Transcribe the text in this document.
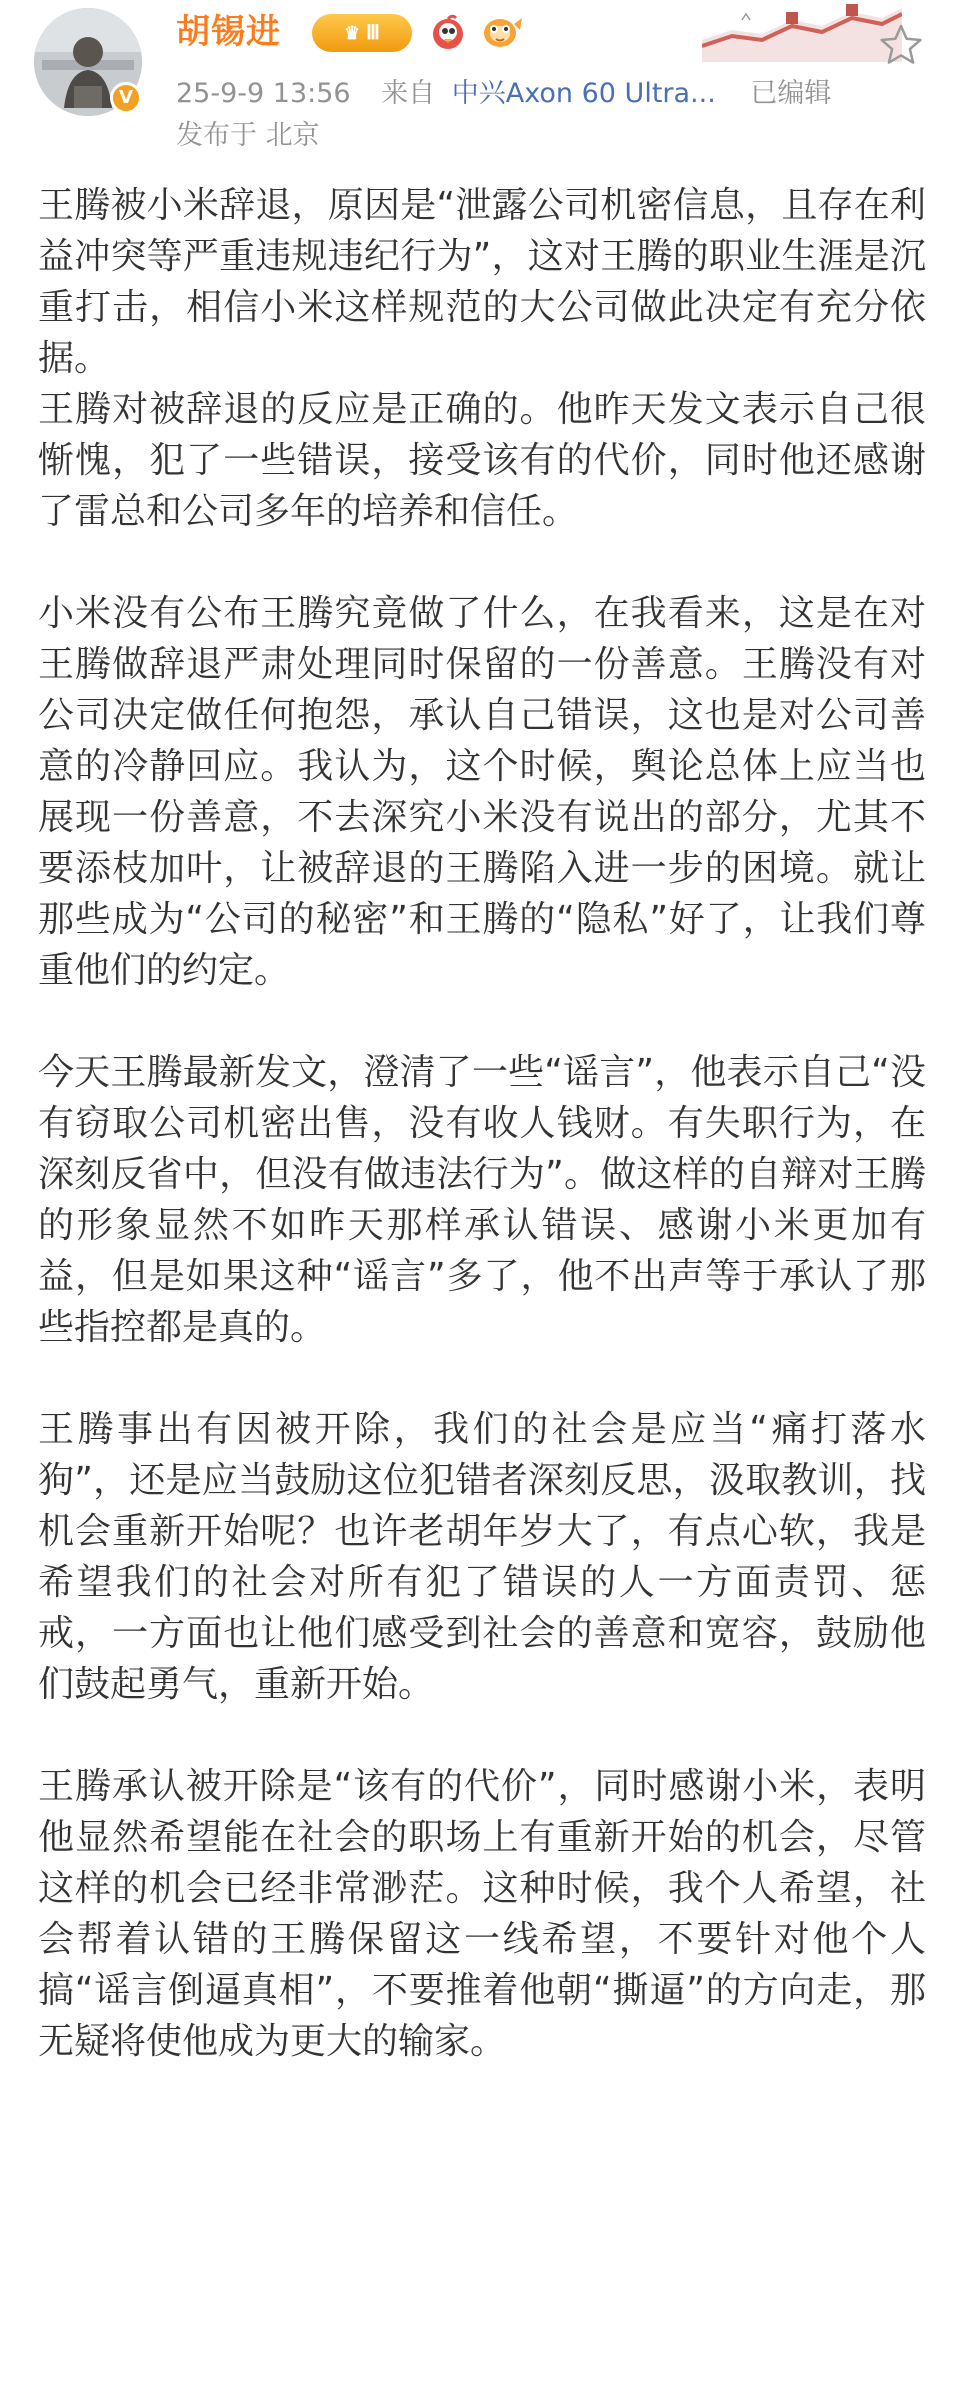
V
胡锡进	♛ Ⅲ
25-9-9 13:56 来自 中兴Axon 60 Ultra... 已编辑
发布于 北京

王腾被小米辞退，原因是“泄露公司机密信息，且存在利益冲突等严重违规违纪行为”，这对王腾的职业生涯是沉重打击，相信小米这样规范的大公司做此决定有充分依据。

王腾对被辞退的反应是正确的。他昨天发文表示自己很惭愧，犯了一些错误，接受该有的代价，同时他还感谢了雷总和公司多年的培养和信任。

小米没有公布王腾究竟做了什么，在我看来，这是在对王腾做辞退严肃处理同时保留的一份善意。王腾没有对公司决定做任何抱怨，承认自己错误，这也是对公司善意的冷静回应。我认为，这个时候，舆论总体上应当也展现一份善意，不去深究小米没有说出的部分，尤其不要添枝加叶，让被辞退的王腾陷入进一步的困境。就让那些成为“公司的秘密”和王腾的“隐私”好了，让我们尊重他们的约定。

今天王腾最新发文，澄清了一些“谣言”，他表示自己“没有窃取公司机密出售，没有收人钱财。有失职行为，在深刻反省中，但没有做违法行为”。做这样的自辩对王腾的形象显然不如昨天那样承认错误、感谢小米更加有益，但是如果这种“谣言”多了，他不出声等于承认了那些指控都是真的。

王腾事出有因被开除，我们的社会是应当“痛打落水狗”，还是应当鼓励这位犯错者深刻反思，汲取教训，找机会重新开始呢？也许老胡年岁大了，有点心软，我是希望我们的社会对所有犯了错误的人一方面责罚、惩戒，一方面也让他们感受到社会的善意和宽容，鼓励他们鼓起勇气，重新开始。

王腾承认被开除是“该有的代价”，同时感谢小米，表明他显然希望能在社会的职场上有重新开始的机会，尽管这样的机会已经非常渺茫。这种时候，我个人希望，社会帮着认错的王腾保留这一线希望，不要针对他个人搞“谣言倒逼真相”，不要推着他朝“撕逼”的方向走，那无疑将使他成为更大的输家。
